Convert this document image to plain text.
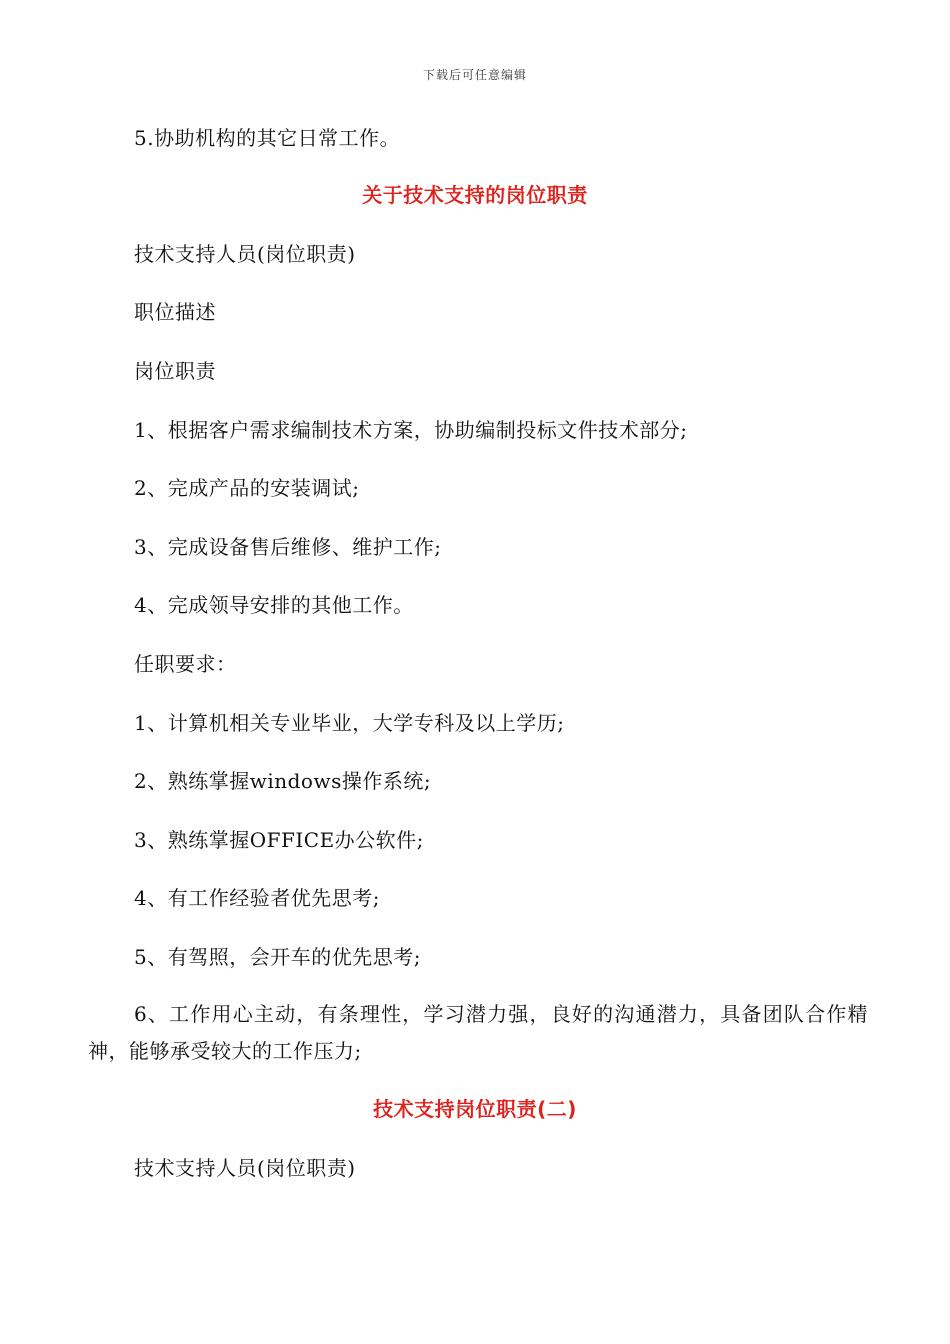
下载后可任意编辑
5.协助机构的其它日常工作。
关于技术支持的岗位职责
技术支持人员(岗位职责)
职位描述
岗位职责
1、根据客户需求编制技术方案，协助编制投标文件技术部分;
2、完成产品的安装调试;
3、完成设备售后维修、维护工作;
4、完成领导安排的其他工作。
任职要求：
1、计算机相关专业毕业，大学专科及以上学历;
2、熟练掌握windows操作系统;
3、熟练掌握OFFICE办公软件;
4、有工作经验者优先思考;
5、有驾照，会开车的优先思考;
6、工作用心主动，有条理性，学习潜力强，良好的沟通潜力，具备团队合作精神，能够承受较大的工作压力;
技术支持岗位职责(二)
技术支持人员(岗位职责)
